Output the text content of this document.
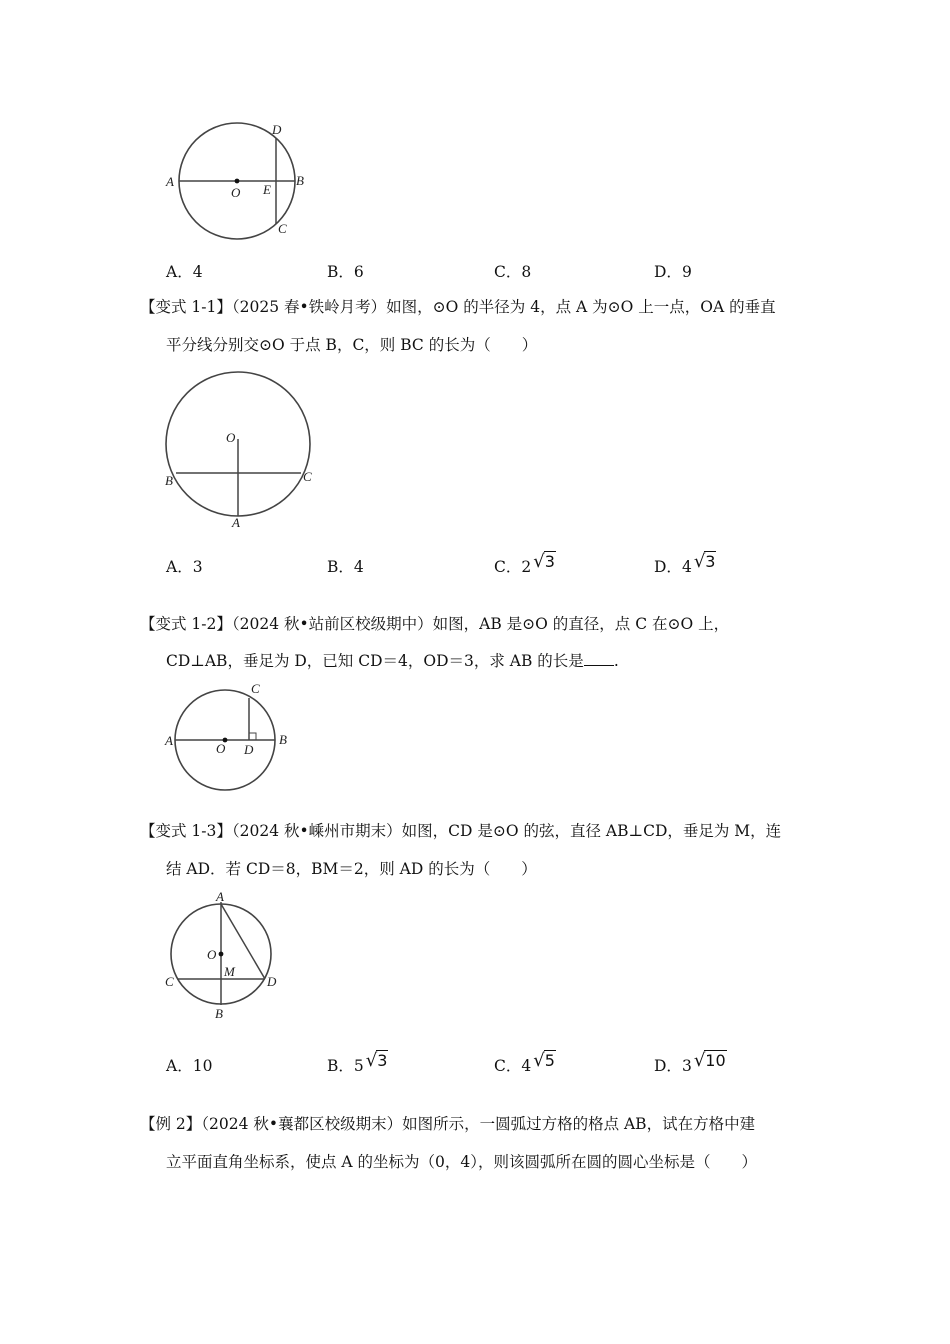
A
O E
B
D
C
A．4	B．6	C．8	D．9
【变式 1-1】（2025 春•铁岭月考）如图，⊙O 的半径为 4，点 A 为⊙O 上一点，OA 的垂直
平分线分别交⊙O 于点 B，C，则 BC 的长为（　　）
O
B	C
A
A．3	B．4	C．2 √3	D．4 √3
【变式 1-2】（2024 秋•站前区校级期中）如图，AB 是⊙O 的直径，点 C 在⊙O 上，
CD⊥AB，垂足为 D，已知 CD＝4，OD＝3，求 AB 的长是 .
A
O D
B
C
【变式 1-3】（2024 秋•嵊州市期末）如图，CD 是⊙O 的弦，直径 AB⊥CD，垂足为 M，连
结 AD．若 CD＝8，BM＝2，则 AD 的长为（　　）
A
O
M
C	D
B
A．10	B．5 √3	C．4 √5	D．3 √10
【例 2】（2024 秋•襄都区校级期末）如图所示，一圆弧过方格的格点 AB，试在方格中建
立平面直角坐标系，使点 A 的坐标为（0，4），则该圆弧所在圆的圆心坐标是（　　）
